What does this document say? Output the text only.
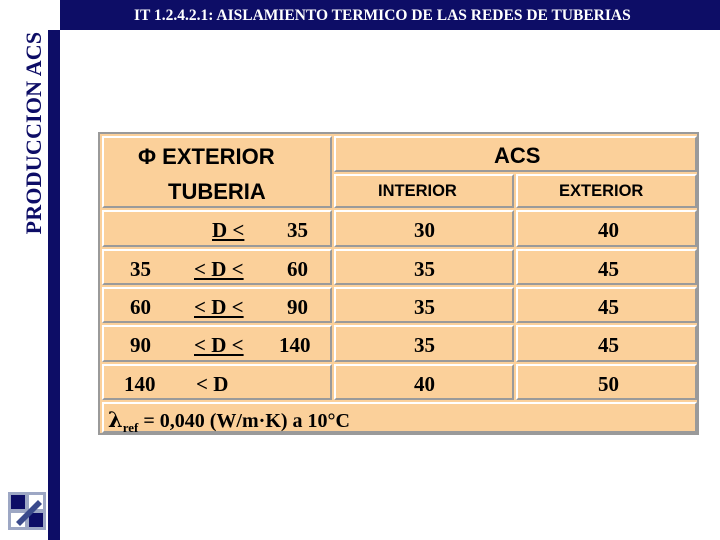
PRODUCCION ACS
IT 1.2.4.2.1: AISLAMIENTO TERMICO DE LAS REDES DE TUBERIAS
Φ EXTERIOR
TUBERIA
ACS
INTERIOR	EXTERIOR
D < 35	30	40
35 < D < 60	35	45
60 < D < 90	35	45
90 < D < 140	35	45
140 < D	40	50
$\lambda_{ref} = 0,040$ (W/m·K) a 10°C
